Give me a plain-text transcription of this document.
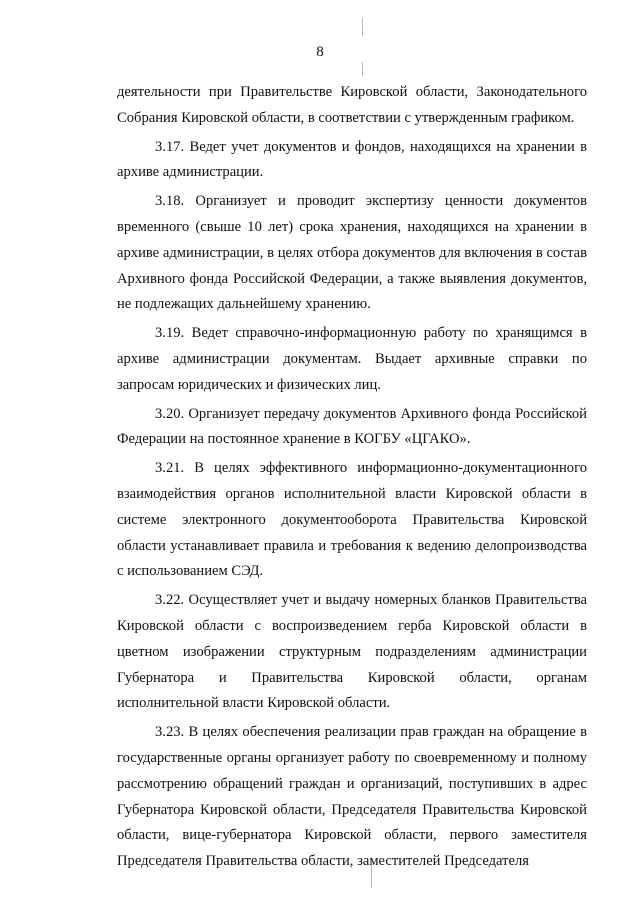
8

деятельности при Правительстве Кировской области, Законодательного Собрания Кировской области, в соответствии с утвержденным графиком.

3.17. Ведет учет документов и фондов, находящихся на хранении в архиве администрации.

3.18. Организует и проводит экспертизу ценности документов временного (свыше 10 лет) срока хранения, находящихся на хранении в архиве администрации, в целях отбора документов для включения в состав Архивного фонда Российской Федерации, а также выявления документов, не подлежащих дальнейшему хранению.

3.19. Ведет справочно-информационную работу по хранящимся в архиве администрации документам. Выдает архивные справки по запросам юридических и физических лиц.

3.20. Организует передачу документов Архивного фонда Российской Федерации на постоянное хранение в КОГБУ «ЦГАКО».

3.21. В целях эффективного информационно-документационного взаимодействия органов исполнительной власти Кировской области в системе электронного документооборота Правительства Кировской области устанавливает правила и требования к ведению делопроизводства с использованием СЭД.

3.22. Осуществляет учет и выдачу номерных бланков Правительства Кировской области с воспроизведением герба Кировской области в цветном изображении структурным подразделениям администрации Губернатора и Правительства Кировской области, органам исполнительной власти Кировской области.

3.23. В целях обеспечения реализации прав граждан на обращение в государственные органы организует работу по своевременному и полному рассмотрению обращений граждан и организаций, поступивших в адрес Губернатора Кировской области, Председателя Правительства Кировской области, вице-губернатора Кировской области, первого заместителя Председателя Правительства области, заместителей Председателя
